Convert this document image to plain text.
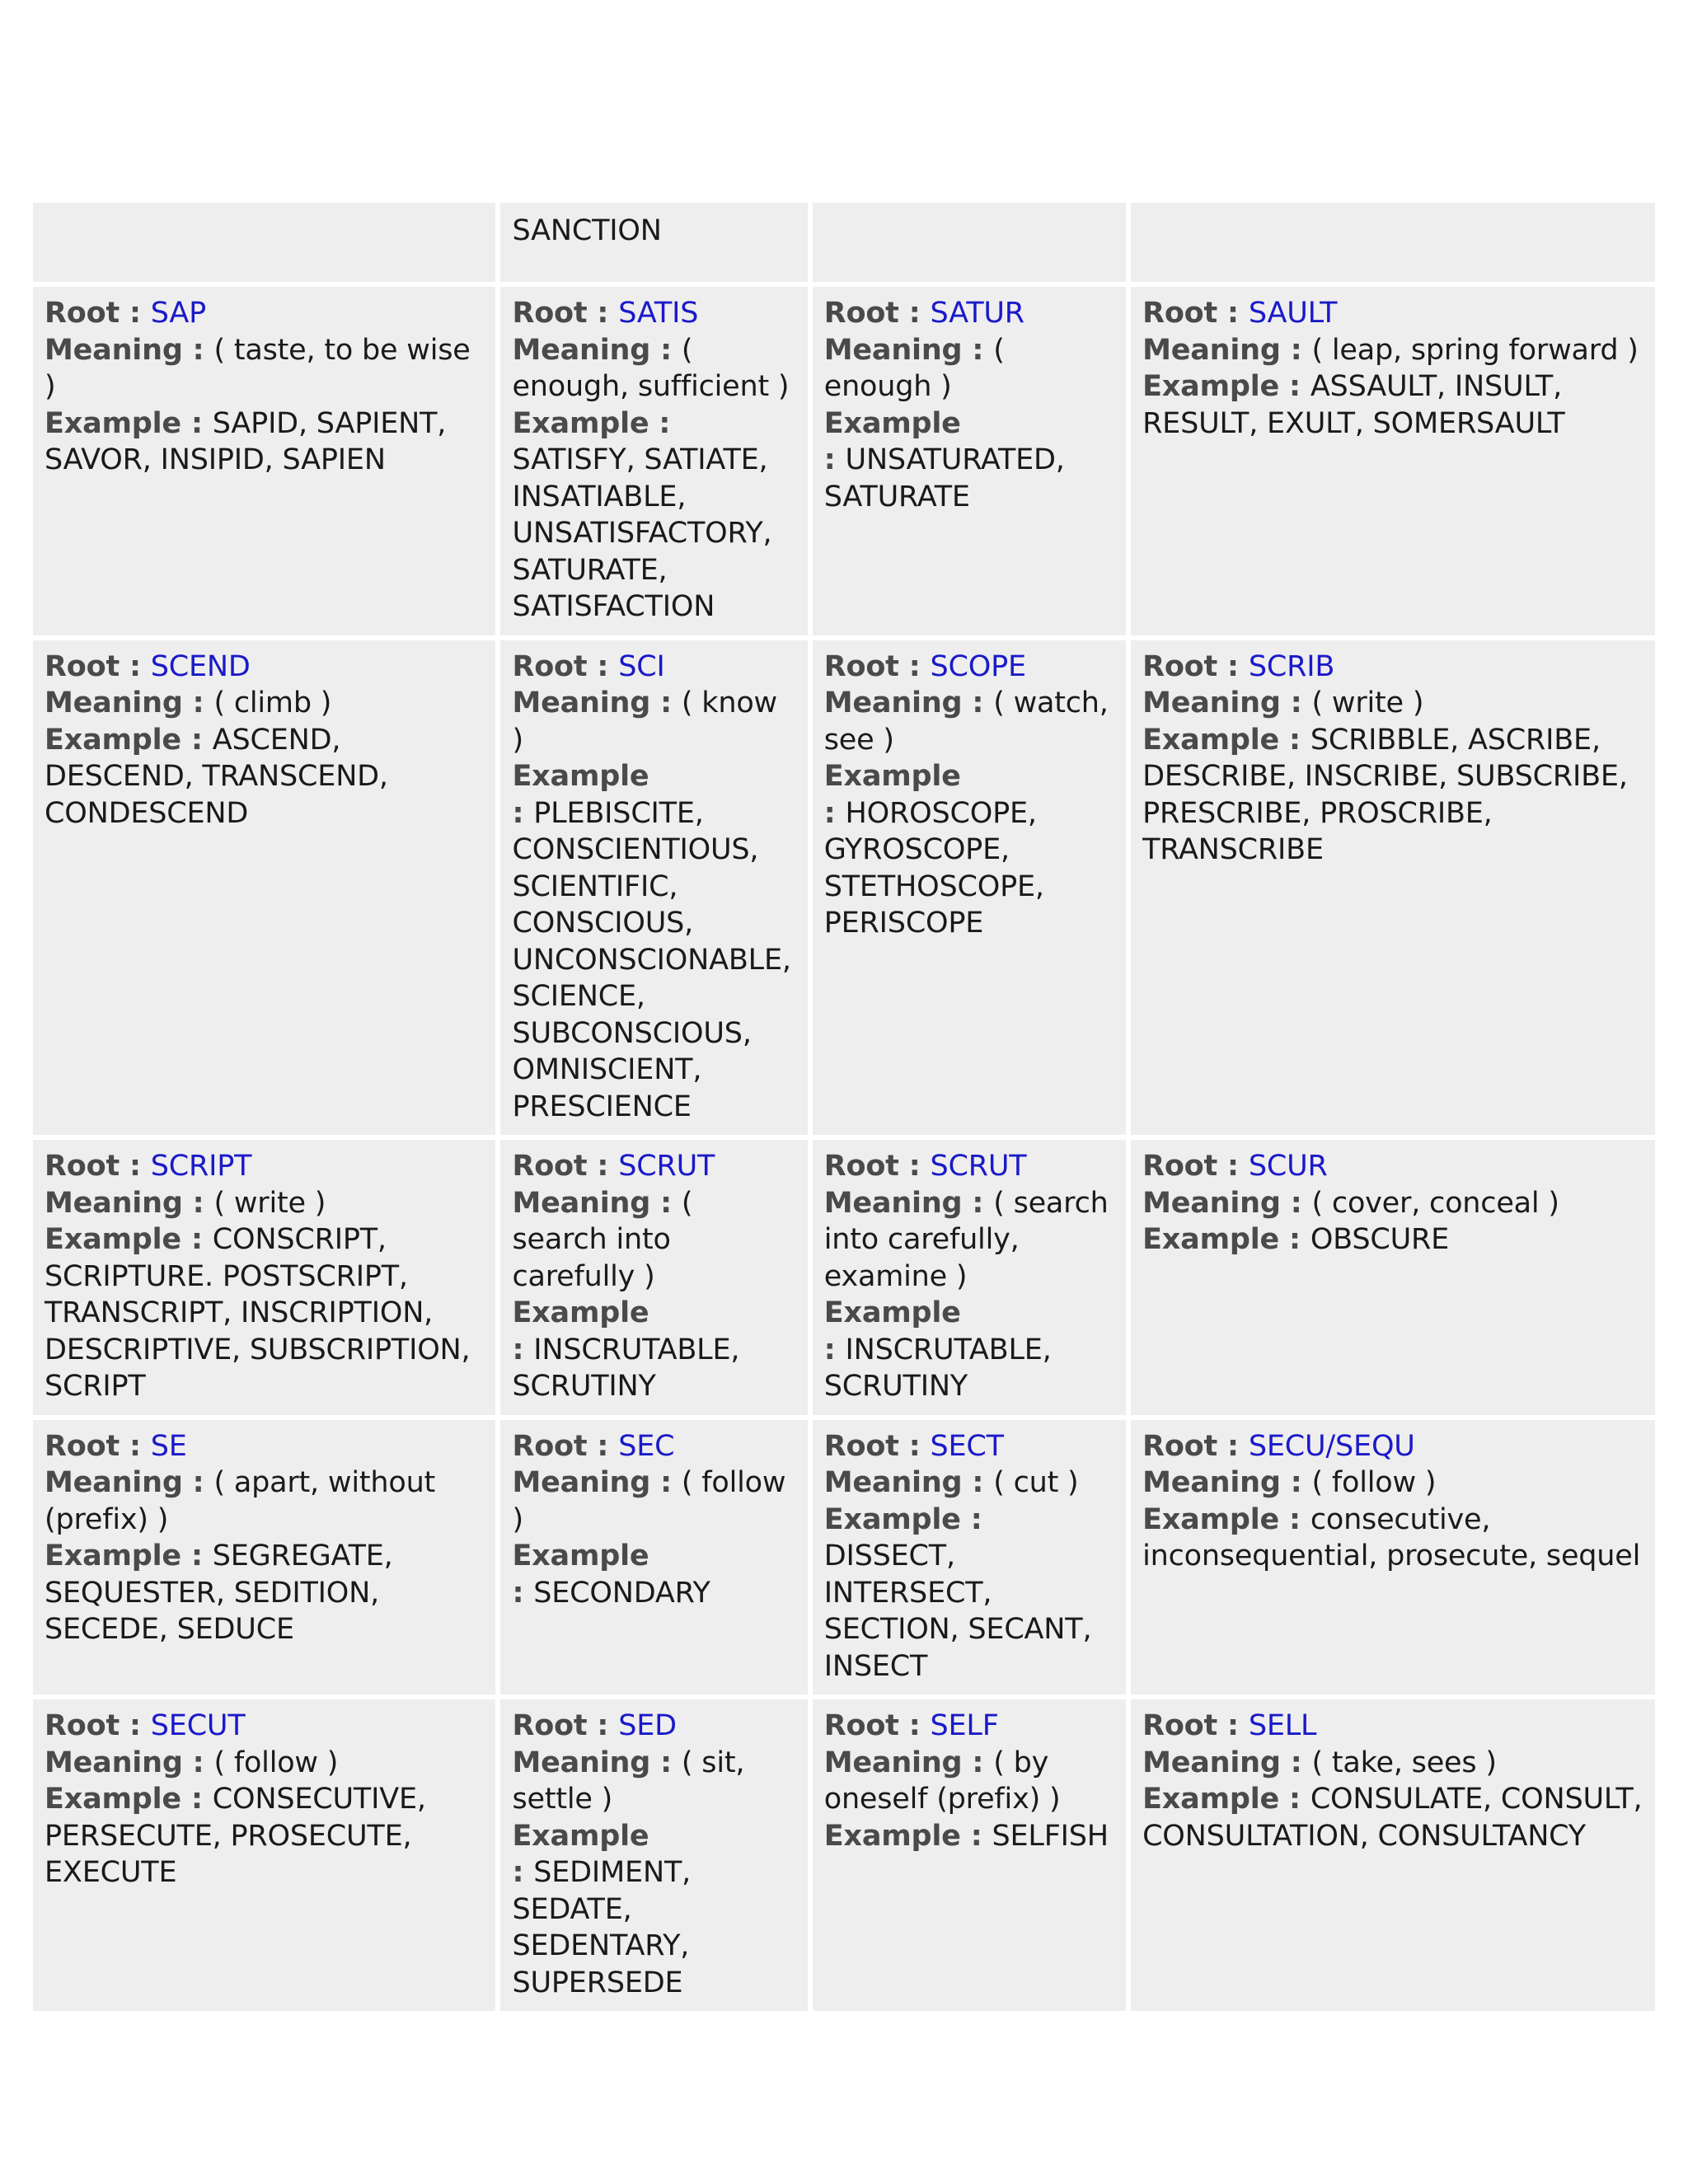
	SANCTION		

Root : SAP
Meaning : ( taste, to be wise )
Example : SAPID, SAPIENT, SAVOR, INSIPID, SAPIEN	Root : SATIS
Meaning : ( enough, sufficient )
Example : SATISFY, SATIATE, INSATIABLE, UNSATISFACTORY, SATURATE, SATISFACTION	Root : SATUR
Meaning : ( enough )
Example
: UNSATURATED, SATURATE	Root : SAULT
Meaning : ( leap, spring forward )
Example : ASSAULT, INSULT, RESULT, EXULT, SOMERSAULT

Root : SCEND
Meaning : ( climb )
Example : ASCEND, DESCEND, TRANSCEND, CONDESCEND	Root : SCI
Meaning : ( know )
Example
: PLEBISCITE, CONSCIENTIOUS, SCIENTIFIC, CONSCIOUS, UNCONSCIONABLE, SCIENCE, SUBCONSCIOUS, OMNISCIENT, PRESCIENCE	Root : SCOPE
Meaning : ( watch, see )
Example
: HOROSCOPE, GYROSCOPE, STETHOSCOPE, PERISCOPE	Root : SCRIB
Meaning : ( write )
Example : SCRIBBLE, ASCRIBE, DESCRIBE, INSCRIBE, SUBSCRIBE, PRESCRIBE, PROSCRIBE, TRANSCRIBE

Root : SCRIPT
Meaning : ( write )
Example : CONSCRIPT, SCRIPTURE. POSTSCRIPT, TRANSCRIPT, INSCRIPTION, DESCRIPTIVE, SUBSCRIPTION, SCRIPT	Root : SCRUT
Meaning : ( search into carefully )
Example
: INSCRUTABLE, SCRUTINY	Root : SCRUT
Meaning : ( search into carefully, examine )
Example
: INSCRUTABLE, SCRUTINY	Root : SCUR
Meaning : ( cover, conceal )
Example : OBSCURE

Root : SE
Meaning : ( apart, without (prefix) )
Example : SEGREGATE, SEQUESTER, SEDITION, SECEDE, SEDUCE	Root : SEC
Meaning : ( follow )
Example
: SECONDARY	Root : SECT
Meaning : ( cut )
Example : DISSECT, INTERSECT, SECTION, SECANT, INSECT	Root : SECU/SEQU
Meaning : ( follow )
Example : consecutive, inconsequential, prosecute, sequel

Root : SECUT
Meaning : ( follow )
Example : CONSECUTIVE, PERSECUTE, PROSECUTE, EXECUTE	Root : SED
Meaning : ( sit, settle )
Example
: SEDIMENT, SEDATE, SEDENTARY, SUPERSEDE	Root : SELF
Meaning : ( by oneself (prefix) )
Example : SELFISH	Root : SELL
Meaning : ( take, sees )
Example : CONSULATE, CONSULT, CONSULTATION, CONSULTANCY
